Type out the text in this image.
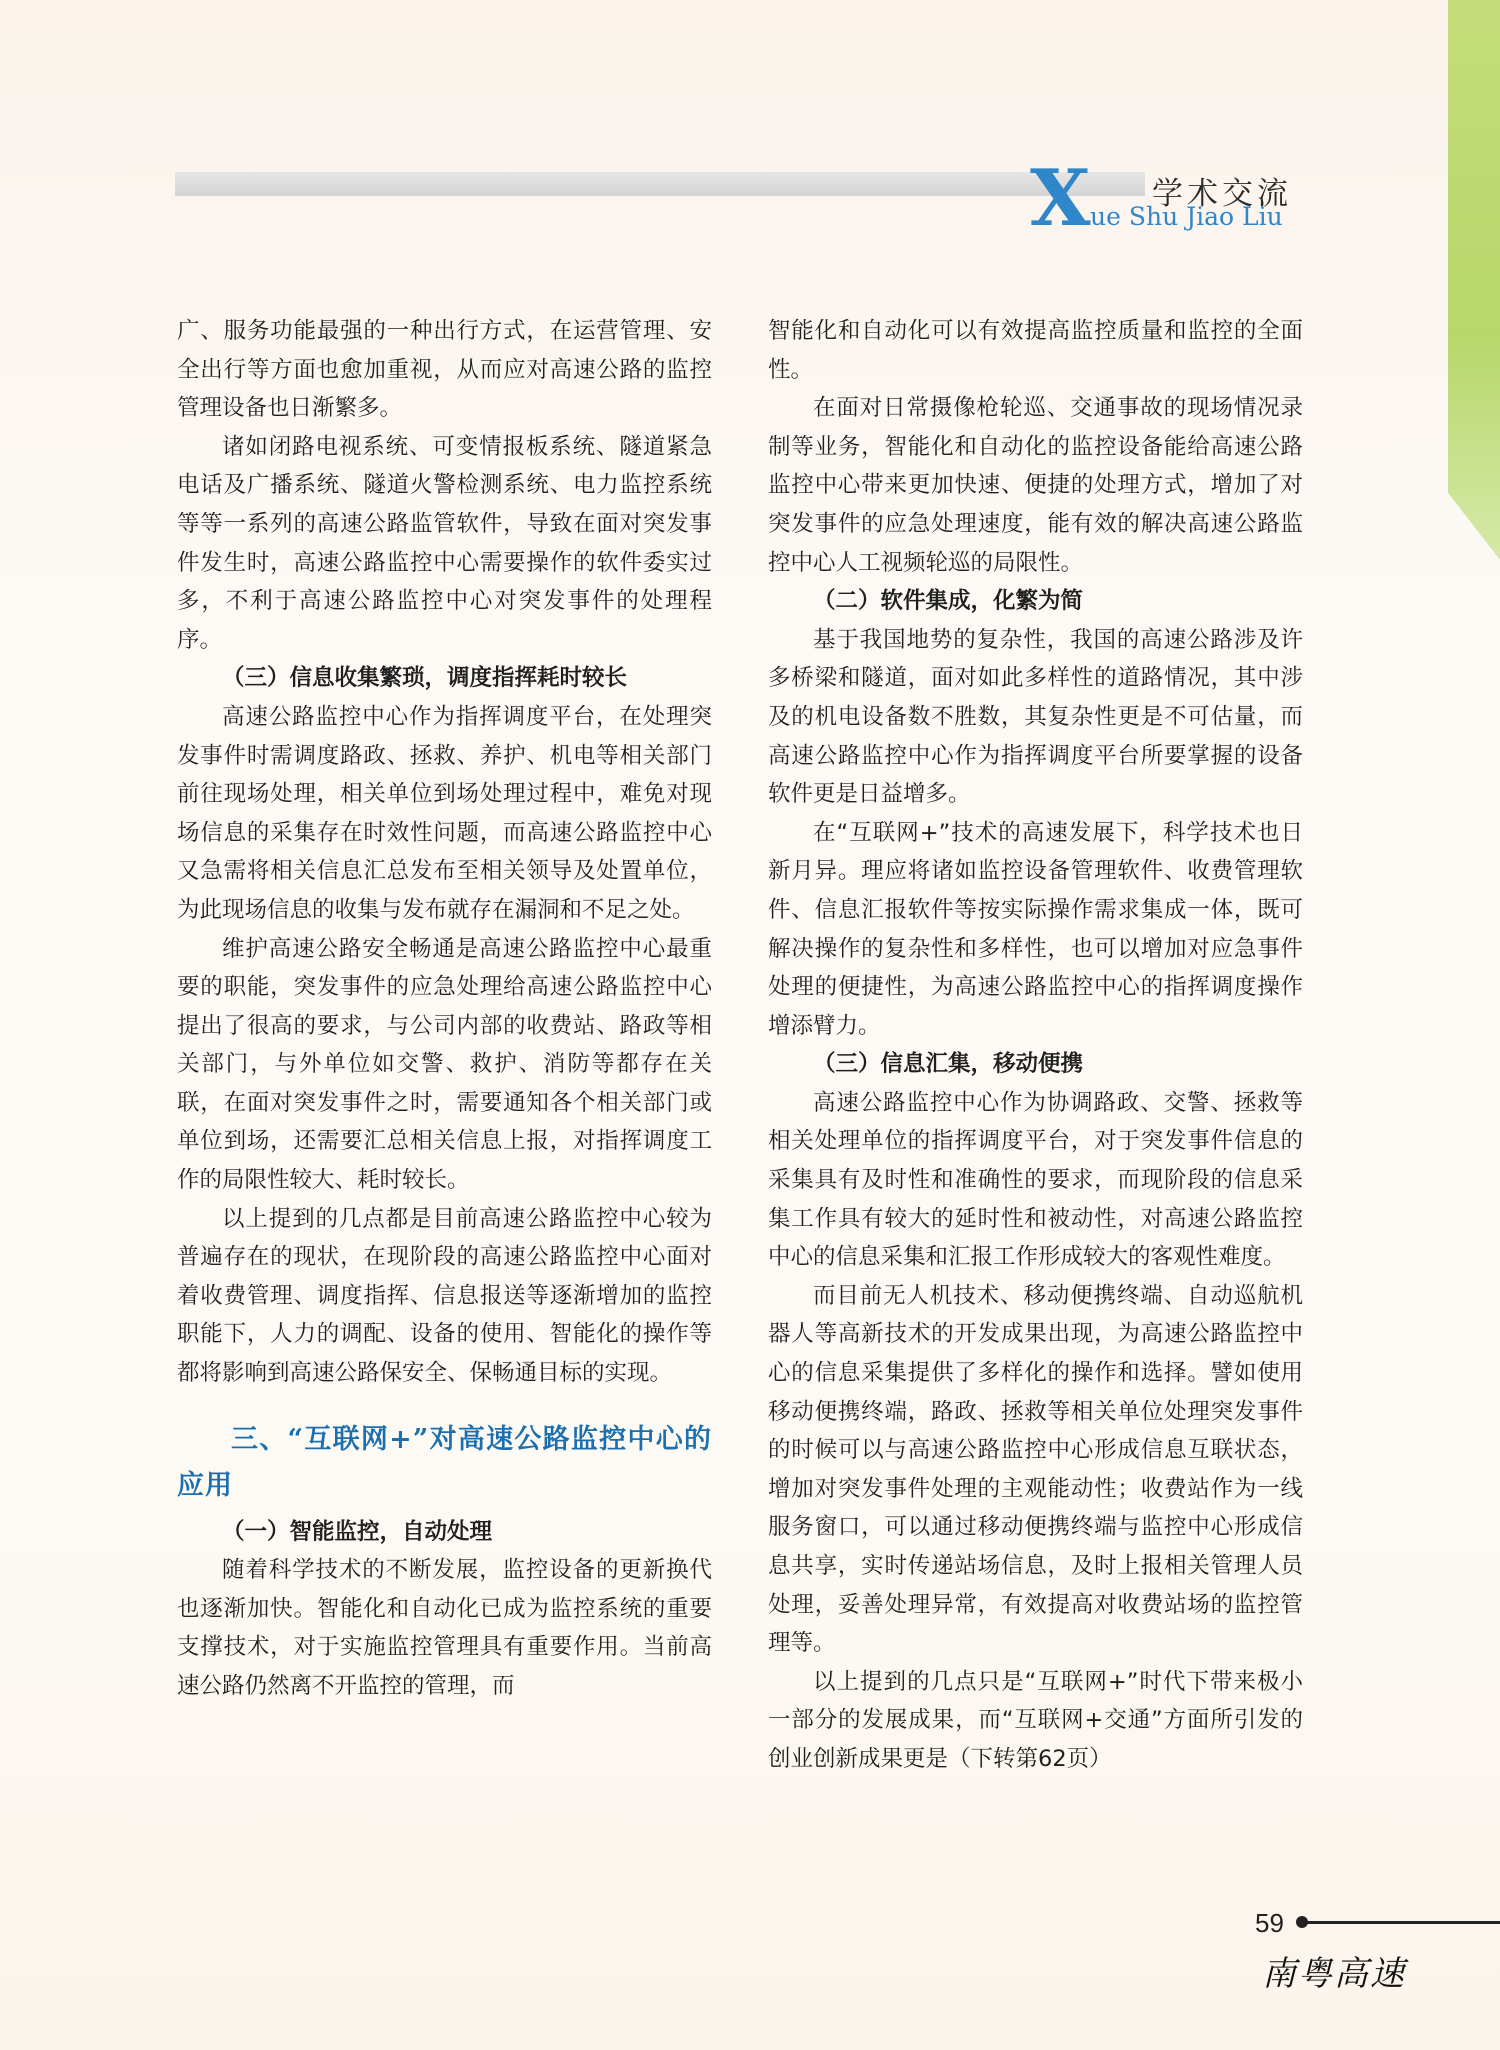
X 学术交流
ue Shu Jiao Liu

广、服务功能最强的一种出行方式，在运营管理、安全出行等方面也愈加重视，从而应对高速公路的监控管理设备也日渐繁多。

诸如闭路电视系统、可变情报板系统、隧道紧急电话及广播系统、隧道火警检测系统、电力监控系统等等一系列的高速公路监管软件，导致在面对突发事件发生时，高速公路监控中心需要操作的软件委实过多，不利于高速公路监控中心对突发事件的处理程序。

（三）信息收集繁琐，调度指挥耗时较长

高速公路监控中心作为指挥调度平台，在处理突发事件时需调度路政、拯救、养护、机电等相关部门前往现场处理，相关单位到场处理过程中，难免对现场信息的采集存在时效性问题，而高速公路监控中心又急需将相关信息汇总发布至相关领导及处置单位，为此现场信息的收集与发布就存在漏洞和不足之处。

维护高速公路安全畅通是高速公路监控中心最重要的职能，突发事件的应急处理给高速公路监控中心提出了很高的要求，与公司内部的收费站、路政等相关部门，与外单位如交警、救护、消防等都存在关联，在面对突发事件之时，需要通知各个相关部门或单位到场，还需要汇总相关信息上报，对指挥调度工作的局限性较大、耗时较长。

以上提到的几点都是目前高速公路监控中心较为普遍存在的现状，在现阶段的高速公路监控中心面对着收费管理、调度指挥、信息报送等逐渐增加的监控职能下，人力的调配、设备的使用、智能化的操作等都将影响到高速公路保安全、保畅通目标的实现。

三、“互联网+”对高速公路监控中心的应用
（一）智能监控，自动处理

随着科学技术的不断发展，监控设备的更新换代也逐渐加快。智能化和自动化已成为监控系统的重要支撑技术，对于实施监控管理具有重要作用。当前高速公路仍然离不开监控的管理，而

智能化和自动化可以有效提高监控质量和监控的全面性。

在面对日常摄像枪轮巡、交通事故的现场情况录制等业务，智能化和自动化的监控设备能给高速公路监控中心带来更加快速、便捷的处理方式，增加了对突发事件的应急处理速度，能有效的解决高速公路监控中心人工视频轮巡的局限性。

（二）软件集成，化繁为简

基于我国地势的复杂性，我国的高速公路涉及许多桥梁和隧道，面对如此多样性的道路情况，其中涉及的机电设备数不胜数，其复杂性更是不可估量，而高速公路监控中心作为指挥调度平台所要掌握的设备软件更是日益增多。

在“互联网+”技术的高速发展下，科学技术也日新月异。理应将诸如监控设备管理软件、收费管理软件、信息汇报软件等按实际操作需求集成一体，既可解决操作的复杂性和多样性，也可以增加对应急事件处理的便捷性，为高速公路监控中心的指挥调度操作增添臂力。

（三）信息汇集，移动便携

高速公路监控中心作为协调路政、交警、拯救等相关处理单位的指挥调度平台，对于突发事件信息的采集具有及时性和准确性的要求，而现阶段的信息采集工作具有较大的延时性和被动性，对高速公路监控中心的信息采集和汇报工作形成较大的客观性难度。

而目前无人机技术、移动便携终端、自动巡航机器人等高新技术的开发成果出现，为高速公路监控中心的信息采集提供了多样化的操作和选择。譬如使用移动便携终端，路政、拯救等相关单位处理突发事件的时候可以与高速公路监控中心形成信息互联状态，增加对突发事件处理的主观能动性；收费站作为一线服务窗口，可以通过移动便携终端与监控中心形成信息共享，实时传递站场信息，及时上报相关管理人员处理，妥善处理异常，有效提高对收费站场的监控管理等。

以上提到的几点只是“互联网+”时代下带来极小一部分的发展成果，而“互联网+交通”方面所引发的创业创新成果更是（下转第62页）

59
南粤高速
